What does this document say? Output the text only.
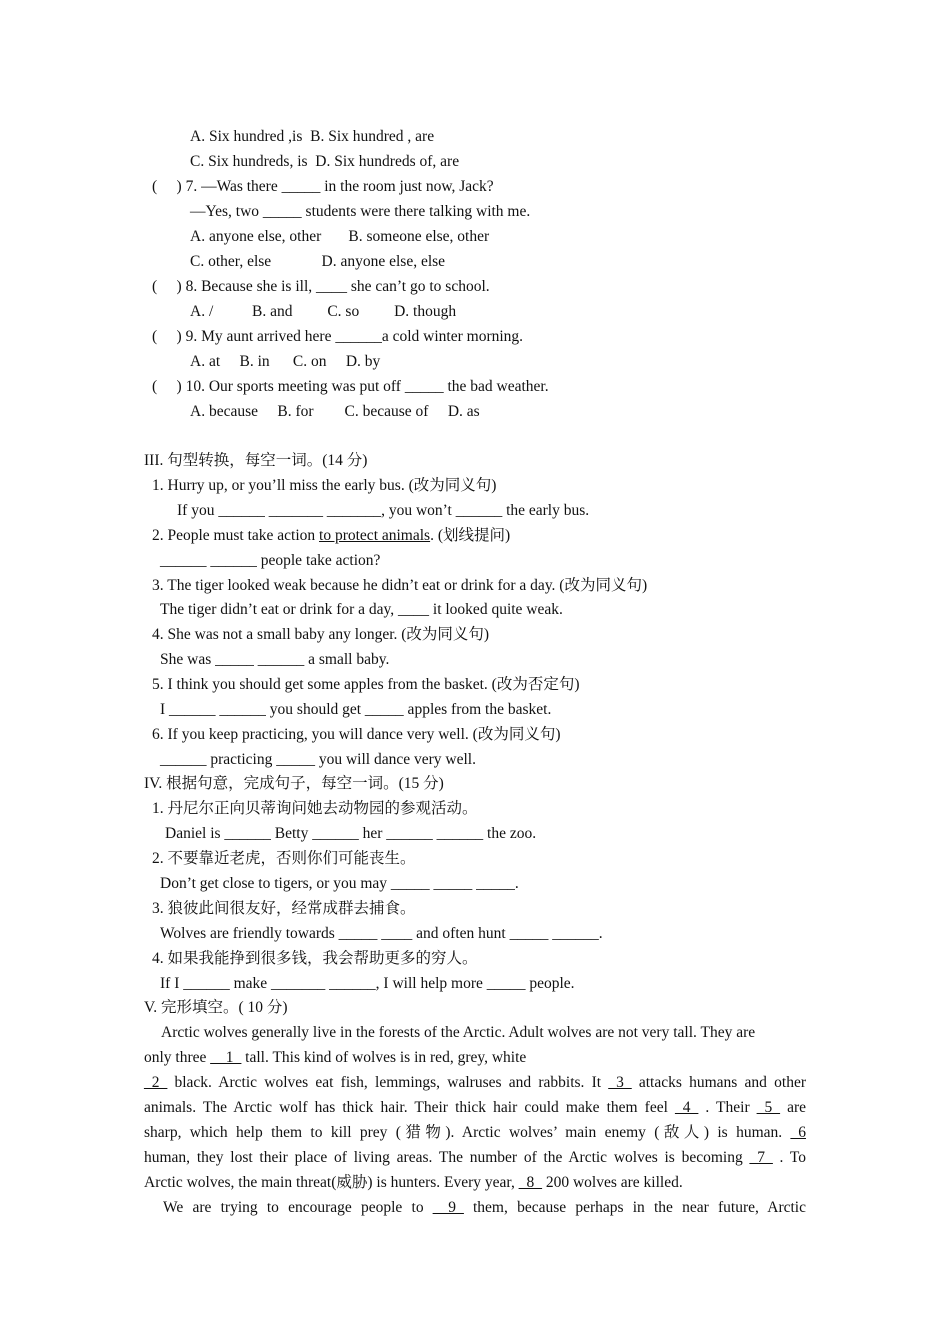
A. Six hundred ,is  B. Six hundred , are
C. Six hundreds, is  D. Six hundreds of, are
(     ) 7. —Was there _____ in the room just now, Jack?
—Yes, two _____ students were there talking with me.
A. anyone else, other       B. someone else, other
C. other, else             D. anyone else, else
(     ) 8. Because she is ill, ____ she can’t go to school.
A. /          B. and         C. so         D. though
(     ) 9. My aunt arrived here ______a cold winter morning.
A. at     B. in      C. on     D. by
(     ) 10. Our sports meeting was put off _____ the bad weather.
A. because     B. for        C. because of     D. as
III. 句型转换，每空一词。(14 分)
1. Hurry up, or you’ll miss the early bus. (改为同义句)
If you ______ _______ _______, you won’t ______ the early bus.
2. People must take action to protect animals. (划线提问)
______ ______ people take action?
3. The tiger looked weak because he didn’t eat or drink for a day. (改为同义句)
The tiger didn’t eat or drink for a day, ____ it looked quite weak.
4. She was not a small baby any longer. (改为同义句)
She was _____ ______ a small baby.
5. I think you should get some apples from the basket. (改为否定句)
I ______ ______ you should get _____ apples from the basket.
6. If you keep practicing, you will dance very well. (改为同义句)
______ practicing _____ you will dance very well.
IV. 根据句意，完成句子，每空一词。(15 分)
1. 丹尼尔正向贝蒂询问她去动物园的参观活动。
Daniel is ______ Betty ______ her ______ ______ the zoo.
2. 不要靠近老虎，否则你们可能丧生。
Don’t get close to tigers, or you may _____ _____ _____.
3. 狼彼此间很友好，经常成群去捕食。
Wolves are friendly towards _____ ____ and often hunt _____ ______.
4. 如果我能挣到很多钱，我会帮助更多的穷人。
If I ______ make _______ ______, I will help more _____ people.
V. 完形填空。( 10 分)
Arctic wolves generally live in the forests of the Arctic. Adult wolves are not very tall. They are
only three __1_ tall. This kind of wolves is in red, grey, white
_2_ black. Arctic wolves eat fish, lemmings, walruses and rabbits. It _3_ attacks humans and other
animals. The Arctic wolf has thick hair. Their thick hair could make them feel _4_ . Their _5_ are
sharp, which help them to kill prey (猎物). Arctic wolves’ main enemy (敌人) is human. _6
human, they lost their place of living areas. The number of the Arctic wolves is becoming _7_ . To
Arctic wolves, the main threat(威胁) is hunters. Every year, _8_ 200 wolves are killed.
We are trying to encourage people to __9_ them, because perhaps in the near future, Arctic
